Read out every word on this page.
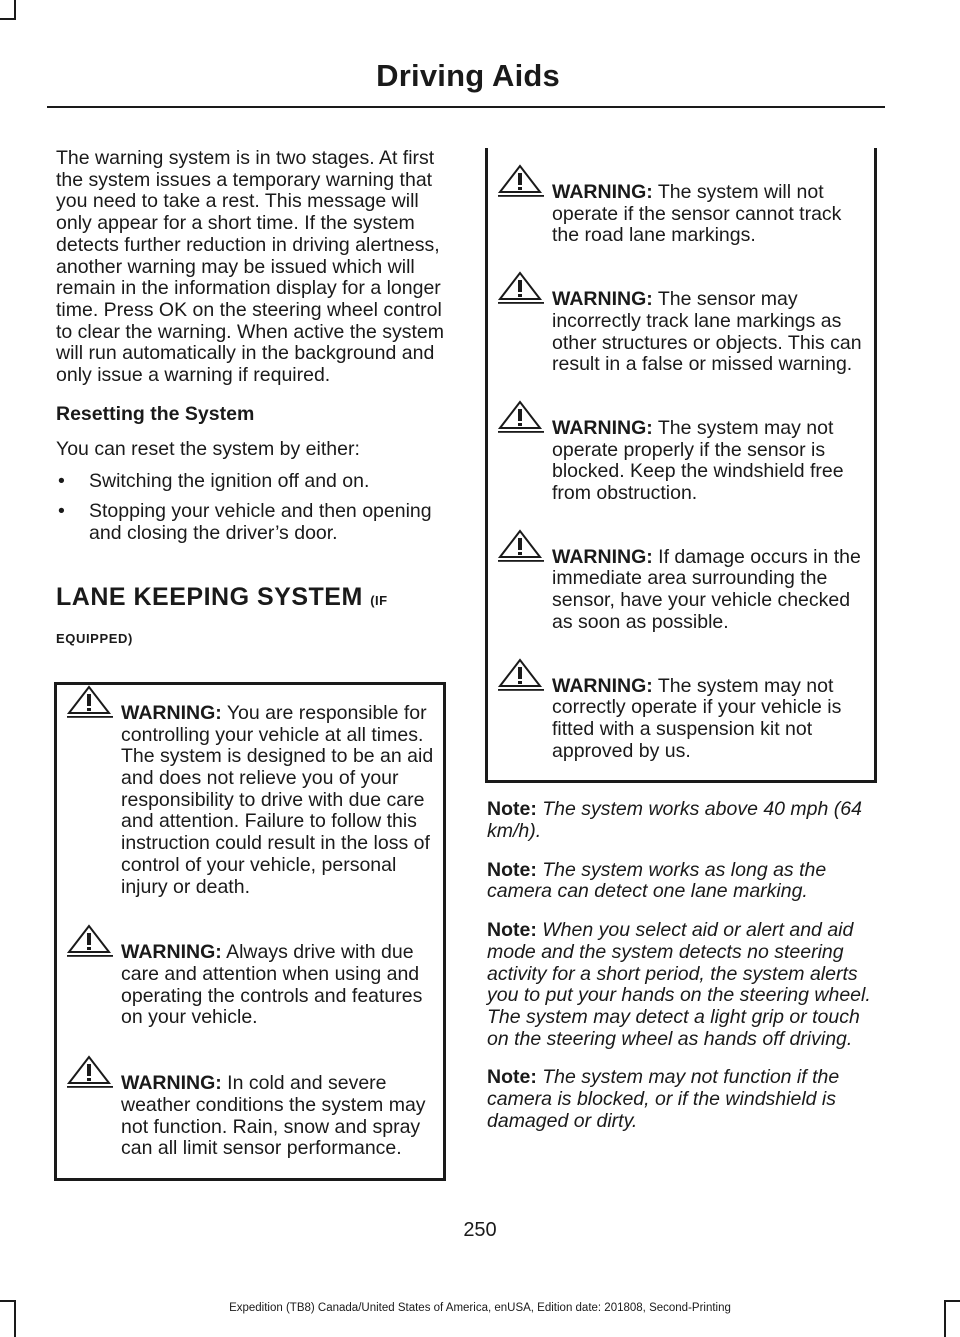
Driving Aids

The warning system is in two stages. At first the system issues a temporary warning that you need to take a rest. This message will only appear for a short time. If the system detects further reduction in driving alertness, another warning may be issued which will remain in the information display for a longer time. Press OK on the steering wheel control to clear the warning. When active the system will run automatically in the background and only issue a warning if required.

Resetting the System

You can reset the system by either:

• Switching the ignition off and on.
• Stopping your vehicle and then opening and closing the driver’s door.
LANE KEEPING SYSTEM (IF
EQUIPPED)
WARNING: You are responsible for controlling your vehicle at all times. The system is designed to be an aid and does not relieve you of your responsibility to drive with due care and attention. Failure to follow this instruction could result in the loss of control of your vehicle, personal injury or death.
WARNING: Always drive with due care and attention when using and operating the controls and features on your vehicle.
WARNING: In cold and severe weather conditions the system may not function. Rain, snow and spray can all limit sensor performance.
WARNING: The system will not operate if the sensor cannot track the road lane markings.
WARNING: The sensor may incorrectly track lane markings as other structures or objects. This can result in a false or missed warning.
WARNING: The system may not operate properly if the sensor is blocked. Keep the windshield free from obstruction.
WARNING: If damage occurs in the immediate area surrounding the sensor, have your vehicle checked as soon as possible.
WARNING: The system may not correctly operate if your vehicle is fitted with a suspension kit not approved by us.

Note: The system works above 40 mph (64 km/h).

Note: The system works as long as the camera can detect one lane marking.

Note: When you select aid or alert and aid mode and the system detects no steering activity for a short period, the system alerts you to put your hands on the steering wheel. The system may detect a light grip or touch on the steering wheel as hands off driving.

Note: The system may not function if the camera is blocked, or if the windshield is damaged or dirty.

250
Expedition (TB8) Canada/United States of America, enUSA, Edition date: 201808, Second-Printing
